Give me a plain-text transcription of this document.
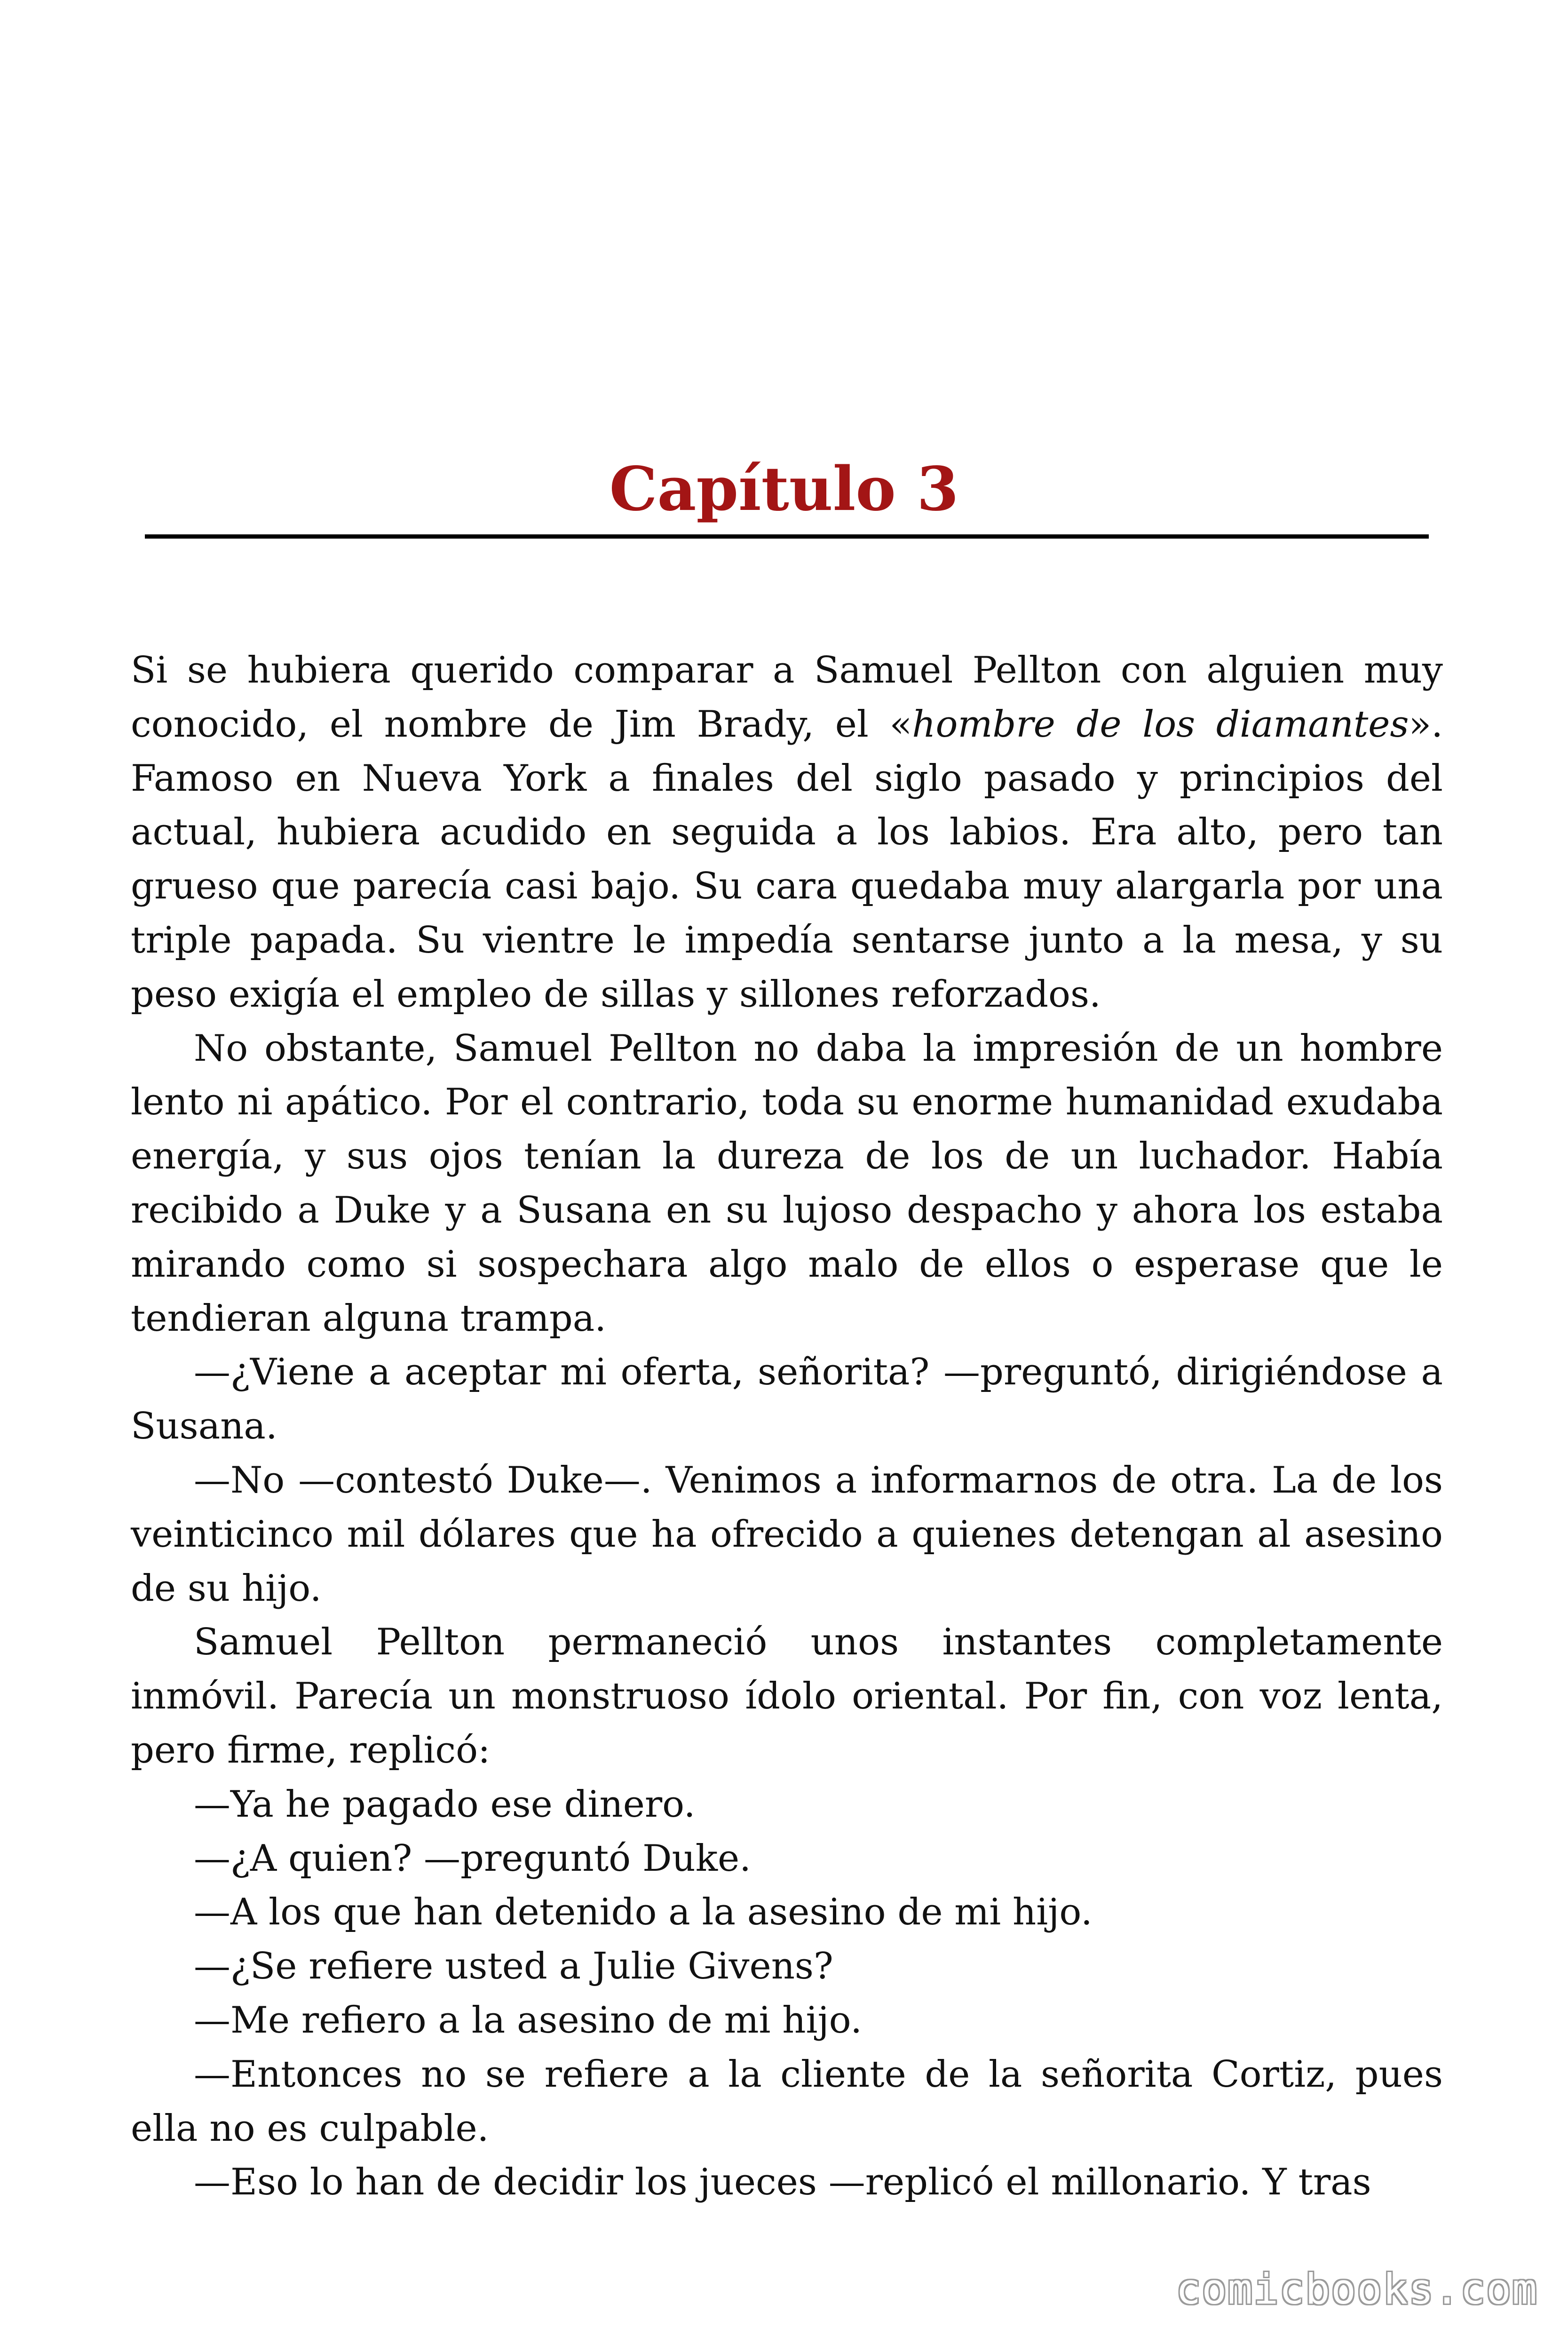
Capítulo 3

Si se hubiera querido comparar a Samuel Pellton con alguien muy conocido, el nombre de Jim Brady, el «hombre de los diamantes». Famoso en Nueva York a finales del siglo pasado y principios del actual, hubiera acudido en seguida a los labios. Era alto, pero tan grueso que parecía casi bajo. Su cara quedaba muy alargarla por una triple papada. Su vientre le impedía sentarse junto a la mesa, y su peso exigía el empleo de sillas y sillones reforzados.

No obstante, Samuel Pellton no daba la impresión de un hombre lento ni apático. Por el contrario, toda su enorme humanidad exudaba energía, y sus ojos tenían la dureza de los de un luchador. Había recibido a Duke y a Susana en su lujoso despacho y ahora los estaba mirando como si sospechara algo malo de ellos o esperase que le tendieran alguna trampa.

—¿Viene a aceptar mi oferta, señorita? —preguntó, dirigiéndose a Susana.

—No —contestó Duke—. Venimos a informarnos de otra. La de los veinticinco mil dólares que ha ofrecido a quienes detengan al asesino de su hijo.

Samuel Pellton permaneció unos instantes completamente inmóvil. Parecía un monstruoso ídolo oriental. Por fin, con voz lenta, pero firme, replicó:

—Ya he pagado ese dinero.

—¿A quien? —preguntó Duke.

—A los que han detenido a la asesino de mi hijo.

—¿Se refiere usted a Julie Givens?

—Me refiero a la asesino de mi hijo.

—Entonces no se refiere a la cliente de la señorita Cortiz, pues ella no es culpable.

—Eso lo han de decidir los jueces —replicó el millonario. Y tras

comicbooks.com
